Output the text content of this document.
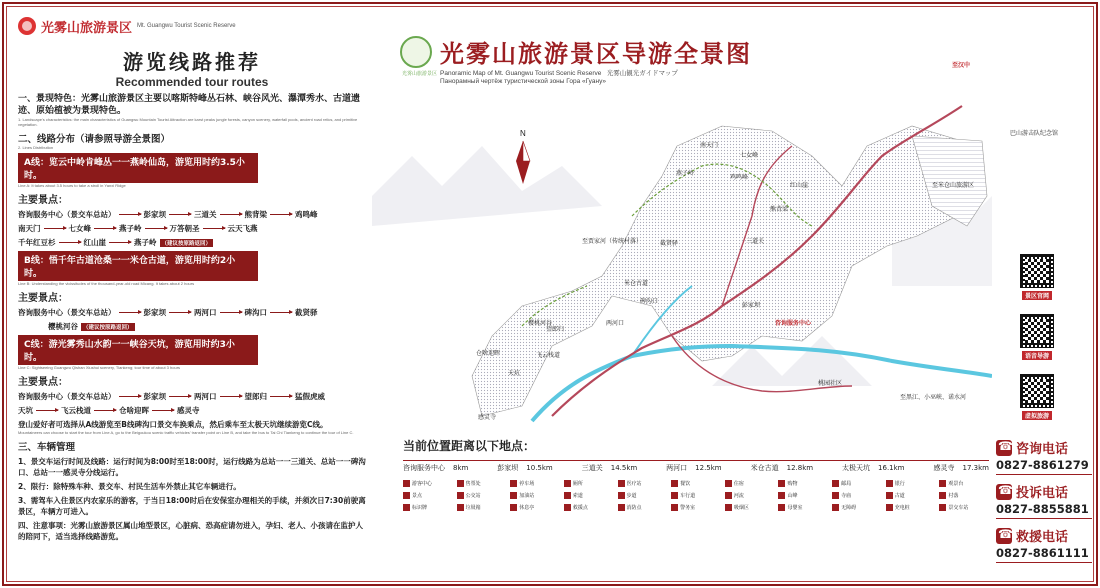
光雾山旅游景区 Mt. Guangwu Tourist Scenic Reserve
游览线路推荐
Recommended tour routes
一、景现特色：光雾山旅游景区主要以喀斯特峰丛石林、峡谷风光、瀑潭秀水、古道遗迹、原始植被为景现特色。
1. Landscape's characteristics: the main characteristics of Guangwu Mountain Tourist Attraction are karst peaks jungle forests, canyon scenery, waterfall pools, ancient road relics, and primitive vegetation.
二、线路分布（请参照导游全景图）
2. Lines Distribution
A线：览云中岭肯峰丛一一燕岭仙岛，游览用时约3.5小时。
Line A: It takes about 3.5 hours to take a stroll in Yanxi Ridge
主要景点：
咨询服务中心（景交车总站）	彭家坝	三道关	熊背梁	鸡鸣峰
南天门	七女峰	燕子岭	万答朝圣	云天飞燕
千年红豆杉	红山崖	燕子岭 （建议按原路返回）
B线：悟千年古道沧桑一一米仓古道，游览用时约2小时。
Line B: Understanding the vicissitudes of the thousand-year-old road Micang. It takes about 2 hours
主要景点：
咨询服务中心（景交车总站）	彭家坝	两河口	碑沟口	截贤驿
樱桃河谷 （建议按原路返回）
C线：游光雾秀山水韵一一峡谷天坑，游览用时约3小时。
Line C: Sightseeing Guangwu Qishan Xiushui scenery, Tiankeng; tour time of about 3 hours
主要景点：
咨询服务中心（景交车总站）	彭家坝	两河口	望郎归	猛假虎威
天坑	飞云栈道	仓啥迎晖	感灵寺
登山爱好者可选择从A线游览至B线碑沟口景交车换乘点，然后乘车至太极天坑继续游览C线。
Mountaineers can choose to start the tour from Line A, go to the Beigoukou scenic traffic vehicles' transfer point on Line B, and take the bus to Tai Chi Tiankeng to continue the tour of Line C.
三、车辆管理
1、景交车运行时间及线路：运行时间为8:00时至18:00时，运行线路为总站一一三道关、总站一一碑沟口、总站一一感灵寺分线运行。
2、限行：除特殊车种、景交车、村民生活车外禁止其它车辆进行。
3、需驾车入住景区内农家乐的游客，于当日18:00时后在安保室办理相关的手续，并须次日7:30前驶离景区，车辆方可进入。
四、注意事项：光雾山旅游景区属山地型景区，心脏病、恐高症请勿进入，孕妇、老人、小孩请在监护人的陪同下，适当选择线路游览。
光雾山旅游景区
光雾山旅游景区导游全景图
Panoramic Map of Mt. Guangwu Tourist Scenic Reserve 光雾山観光ガイドマップ
Панорамный чертёж туристической зоны Гора «Гуану»
N
至汉中
至米仓山旅游区
巴山游击队纪念馆
咨询服务中心
彭家坝
三道关
熊背梁
鸡鸣峰
燕子岭
南天门
七女峰
红山崖
米仓古道
碑沟口
截贤驿
两河口
望郎归
天坑
飞云栈道
仓啥迎晖
感灵寺
桃园社区
至黑江、小巫峡、诺水河
至贾家河（传统村落）
樱桃河谷
景区官网
语音导游
虚拟旅游
当前位置距离以下地点：
咨询服务中心 8km	彭家坝 10.5km	三道关 14.5km	两河口 12.5km	米仓古道 12.8km	太极天坑 16.1km	感灵寺 17.3km
游客中心	售票处	停车场	厕所	医疗站	餐饮	住宿	购物	邮局	银行	观景台
景点	公交站	加油站	索道	步道	车行道	河流	山峰	寺庙	古道	村落
标识牌	垃圾箱	休息亭	救援点	消防点	警务室	吸烟区	母婴室	无障碍	充电桩	景交车站
☎
咨询电话
0827-8861279
☎
投诉电话
0827-8855881
☎
救援电话
0827-8861111
